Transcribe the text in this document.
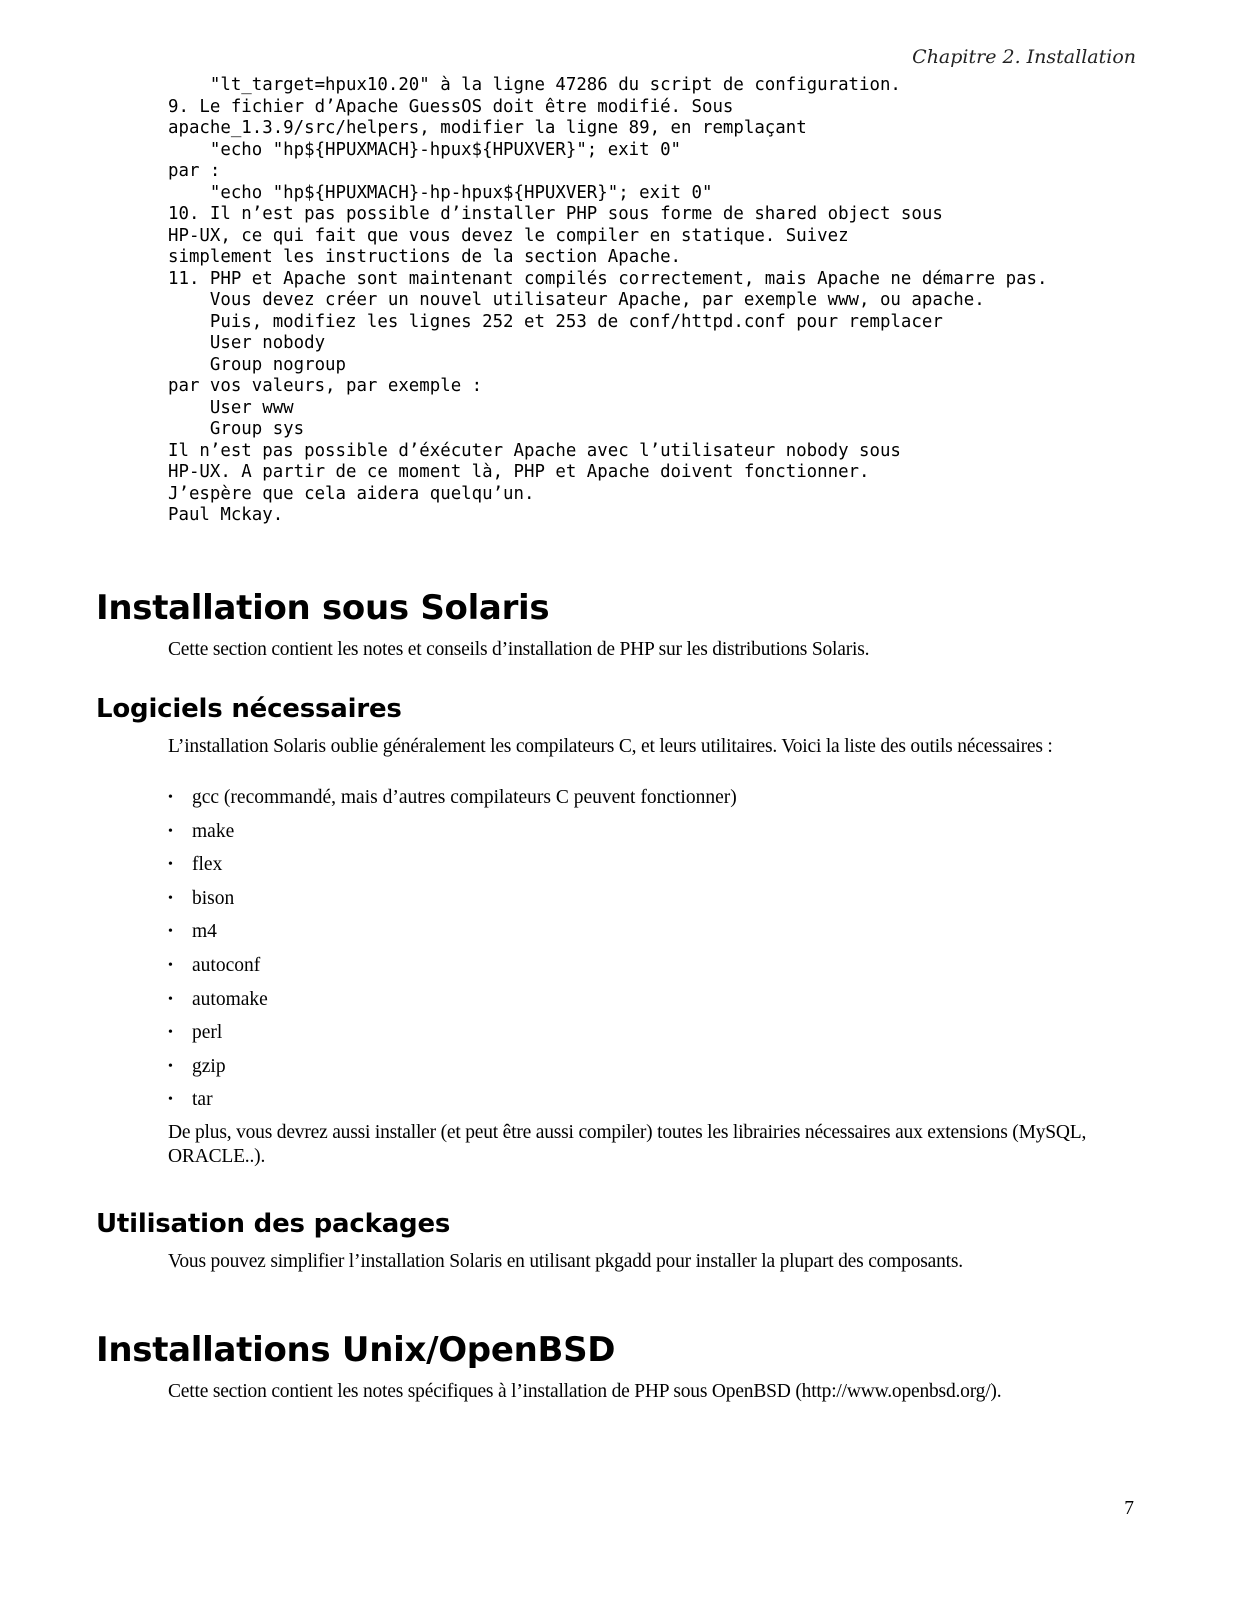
Chapitre 2. Installation
"lt_target=hpux10.20" à la ligne 47286 du script de configuration.
9. Le fichier d’Apache GuessOS doit être modifié. Sous
apache_1.3.9/src/helpers, modifier la ligne 89, en remplaçant
"echo "hp${HPUXMACH}-hpux${HPUXVER}"; exit 0"
par :
"echo "hp${HPUXMACH}-hp-hpux${HPUXVER}"; exit 0"
10. Il n’est pas possible d’installer PHP sous forme de shared object sous
HP-UX, ce qui fait que vous devez le compiler en statique. Suivez
simplement les instructions de la section Apache.
11. PHP et Apache sont maintenant compilés correctement, mais Apache ne démarre pas.
Vous devez créer un nouvel utilisateur Apache, par exemple www, ou apache.
Puis, modifiez les lignes 252 et 253 de conf/httpd.conf pour remplacer
User nobody
Group nogroup
par vos valeurs, par exemple :
User www
Group sys
Il n’est pas possible d’éxécuter Apache avec l’utilisateur nobody sous
HP-UX. A partir de ce moment là, PHP et Apache doivent fonctionner.
J’espère que cela aidera quelqu’un.
Paul Mckay.
Installation sous Solaris

Cette section contient les notes et conseils d’installation de PHP sur les distributions Solaris.

Logiciels nécessaires

L’installation Solaris oublie généralement les compilateurs C, et leurs utilitaires. Voici la liste des outils nécessaires :

• gcc (recommandé, mais d’autres compilateurs C peuvent fonctionner)
• make
• flex
• bison
• m4
• autoconf
• automake
• perl
• gzip
• tar

De plus, vous devrez aussi installer (et peut être aussi compiler) toutes les librairies nécessaires aux extensions (MySQL, ORACLE..).

Utilisation des packages

Vous pouvez simplifier l’installation Solaris en utilisant pkgadd pour installer la plupart des composants.

Installations Unix/OpenBSD

Cette section contient les notes spécifiques à l’installation de PHP sous OpenBSD (http://www.openbsd.org/).

7
